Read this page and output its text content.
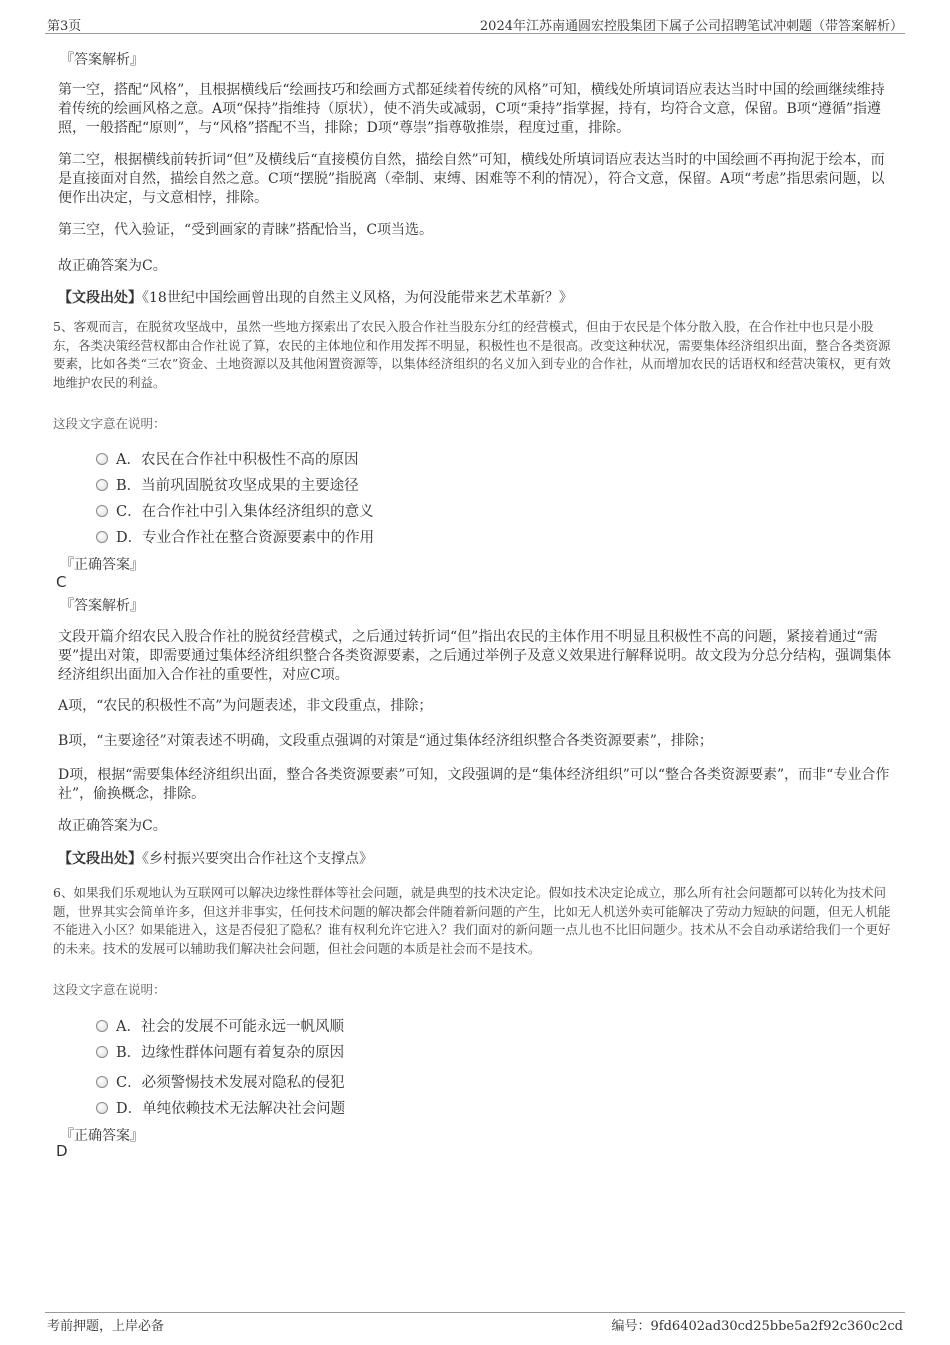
第3页	2024年江苏南通圆宏控股集团下属子公司招聘笔试冲刺题（带答案解析）
『答案解析』

第一空，搭配“风格”，且根据横线后“绘画技巧和绘画方式都延续着传统的风格”可知，横线处所填词语应表达当时中国的绘画继续维持着传统的绘画风格之意。A项“保持”指维持（原状），使不消失或减弱，C项“秉持”指掌握，持有，均符合文意，保留。B项“遵循”指遵照，一般搭配“原则”，与“风格”搭配不当，排除；D项“尊崇”指尊敬推崇，程度过重，排除。

第二空，根据横线前转折词“但”及横线后“直接模仿自然，描绘自然”可知，横线处所填词语应表达当时的中国绘画不再拘泥于绘本，而是直接面对自然，描绘自然之意。C项“摆脱”指脱离（牵制、束缚、困难等不利的情况），符合文意，保留。A项“考虑”指思索问题，以便作出决定，与文意相悖，排除。

第三空，代入验证，“受到画家的青睐”搭配恰当，C项当选。

故正确答案为C。

【文段出处】《18世纪中国绘画曾出现的自然主义风格，为何没能带来艺术革新？》

5、客观而言，在脱贫攻坚战中，虽然一些地方探索出了农民入股合作社当股东分红的经营模式，但由于农民是个体分散入股，在合作社中也只是小股东，各类决策经营权都由合作社说了算，农民的主体地位和作用发挥不明显，积极性也不是很高。改变这种状况，需要集体经济组织出面，整合各类资源要素，比如各类“三农”资金、土地资源以及其他闲置资源等，以集体经济组织的名义加入到专业的合作社，从而增加农民的话语权和经营决策权，更有效地维护农民的利益。

这段文字意在说明：
A．农民在合作社中积极性不高的原因
B．当前巩固脱贫攻坚成果的主要途径
C．在合作社中引入集体经济组织的意义
D．专业合作社在整合资源要素中的作用
『正确答案』
C
『答案解析』

文段开篇介绍农民入股合作社的脱贫经营模式，之后通过转折词“但”指出农民的主体作用不明显且积极性不高的问题，紧接着通过“需要”提出对策，即需要通过集体经济组织整合各类资源要素，之后通过举例子及意义效果进行解释说明。故文段为分总分结构，强调集体经济组织出面加入合作社的重要性，对应C项。

A项，“农民的积极性不高”为问题表述，非文段重点，排除；

B项，“主要途径”对策表述不明确，文段重点强调的对策是“通过集体经济组织整合各类资源要素”，排除；

D项，根据“需要集体经济组织出面，整合各类资源要素”可知，文段强调的是“集体经济组织”可以“整合各类资源要素”，而非“专业合作社”，偷换概念，排除。

故正确答案为C。

【文段出处】《乡村振兴要突出合作社这个支撑点》

6、如果我们乐观地认为互联网可以解决边缘性群体等社会问题，就是典型的技术决定论。假如技术决定论成立，那么所有社会问题都可以转化为技术问题，世界其实会简单许多，但这并非事实，任何技术问题的解决都会伴随着新问题的产生，比如无人机送外卖可能解决了劳动力短缺的问题，但无人机能不能进入小区？如果能进入，这是否侵犯了隐私？谁有权利允许它进入？我们面对的新问题一点儿也不比旧问题少。技术从不会自动承诺给我们一个更好的未来。技术的发展可以辅助我们解决社会问题，但社会问题的本质是社会而不是技术。

这段文字意在说明：
A．社会的发展不可能永远一帆风顺
B．边缘性群体问题有着复杂的原因
C．必须警惕技术发展对隐私的侵犯
D．单纯依赖技术无法解决社会问题
『正确答案』
D
考前押题，上岸必备	编号：9fd6402ad30cd25bbe5a2f92c360c2cd
